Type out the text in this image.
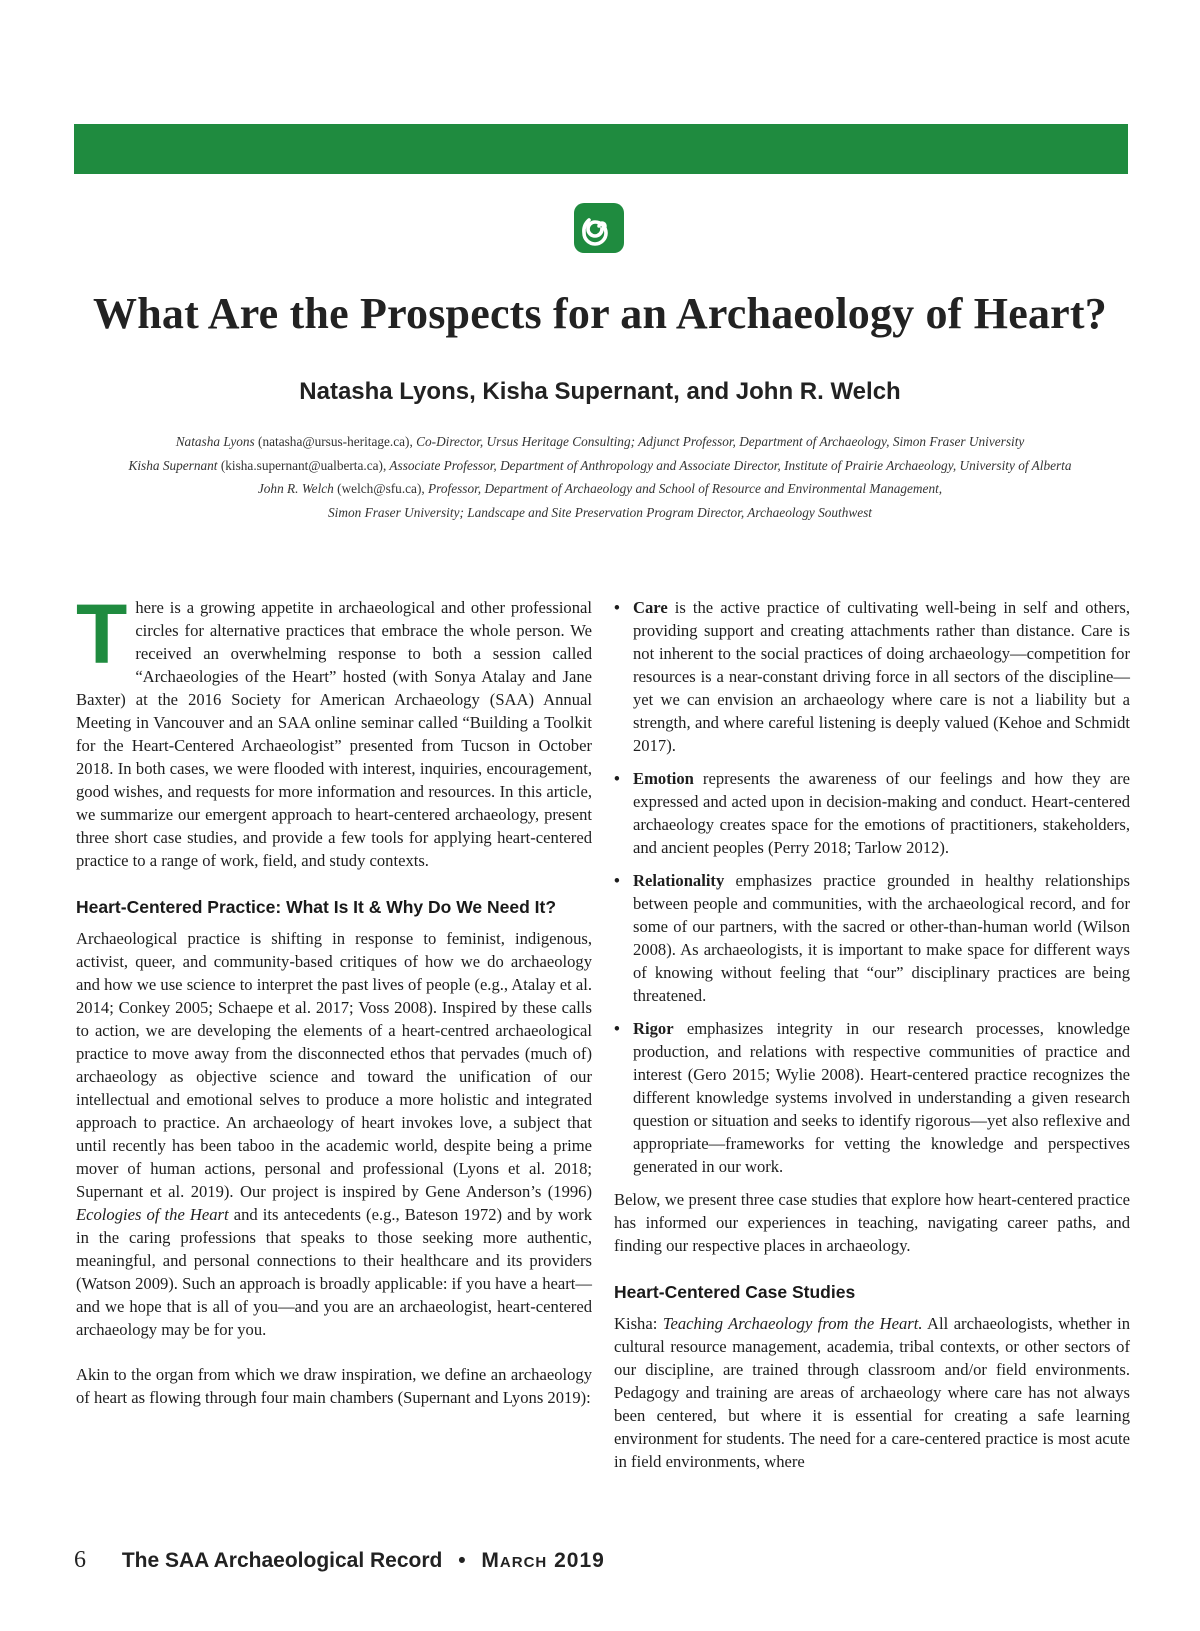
What Are the Prospects for an Archaeology of Heart?
Natasha Lyons, Kisha Supernant, and John R. Welch
Natasha Lyons (natasha@ursus-heritage.ca), Co-Director, Ursus Heritage Consulting; Adjunct Professor, Department of Archaeology, Simon Fraser University
Kisha Supernant (kisha.supernant@ualberta.ca), Associate Professor, Department of Anthropology and Associate Director, Institute of Prairie Archaeology, University of Alberta
John R. Welch (welch@sfu.ca), Professor, Department of Archaeology and School of Resource and Environmental Management,
Simon Fraser University; Landscape and Site Preservation Program Director, Archaeology Southwest

There is a growing appetite in archaeological and other professional circles for alternative practices that embrace the whole person. We received an overwhelming response to both a session called “Archaeologies of the Heart” hosted (with Sonya Atalay and Jane Baxter) at the 2016 Society for American Archaeology (SAA) Annual Meeting in Vancouver and an SAA online seminar called “Building a Toolkit for the Heart-Centered Archaeologist” presented from Tucson in October 2018. In both cases, we were flooded with interest, inquiries, encouragement, good wishes, and requests for more information and resources. In this article, we summarize our emergent approach to heart-centered archaeology, present three short case studies, and provide a few tools for applying heart-centered practice to a range of work, field, and study contexts.

Heart-Centered Practice: What Is It & Why Do We Need It?

Archaeological practice is shifting in response to feminist, indigenous, activist, queer, and community-based critiques of how we do archaeology and how we use science to interpret the past lives of people (e.g., Atalay et al. 2014; Conkey 2005; Schaepe et al. 2017; Voss 2008). Inspired by these calls to action, we are developing the elements of a heart-centred archaeological practice to move away from the disconnected ethos that pervades (much of) archaeology as objective science and toward the unification of our intellectual and emotional selves to produce a more holistic and integrated approach to practice. An archaeology of heart invokes love, a subject that until recently has been taboo in the academic world, despite being a prime mover of human actions, personal and professional (Lyons et al. 2018; Supernant et al. 2019). Our project is inspired by Gene Anderson’s (1996) Ecologies of the Heart and its antecedents (e.g., Bateson 1972) and by work in the caring professions that speaks to those seeking more authentic, meaningful, and personal connections to their healthcare and its providers (Watson 2009). Such an approach is broadly applicable: if you have a heart—and we hope that is all of you—and you are an archaeologist, heart-centered archaeology may be for you.

Akin to the organ from which we draw inspiration, we define an archaeology of heart as flowing through four main chambers (Supernant and Lyons 2019):

• Care is the active practice of cultivating well-being in self and others, providing support and creating attachments rather than distance. Care is not inherent to the social practices of doing archaeology—competition for resources is a near-constant driving force in all sectors of the discipline—yet we can envision an archaeology where care is not a liability but a strength, and where careful listening is deeply valued (Kehoe and Schmidt 2017).
• Emotion represents the awareness of our feelings and how they are expressed and acted upon in decision-making and conduct. Heart-centered archaeology creates space for the emotions of practitioners, stakeholders, and ancient peoples (Perry 2018; Tarlow 2012).
• Relationality emphasizes practice grounded in healthy relationships between people and communities, with the archaeological record, and for some of our partners, with the sacred or other-than-human world (Wilson 2008). As archaeologists, it is important to make space for different ways of knowing without feeling that “our” disciplinary practices are being threatened.
• Rigor emphasizes integrity in our research processes, knowledge production, and relations with respective communities of practice and interest (Gero 2015; Wylie 2008). Heart-centered practice recognizes the different knowledge systems involved in understanding a given research question or situation and seeks to identify rigorous—yet also reflexive and appropriate—frameworks for vetting the knowledge and perspectives generated in our work.

Below, we present three case studies that explore how heart-centered practice has informed our experiences in teaching, navigating career paths, and finding our respective places in archaeology.

Heart-Centered Case Studies

Kisha: Teaching Archaeology from the Heart. All archaeologists, whether in cultural resource management, academia, tribal contexts, or other sectors of our discipline, are trained through classroom and/or field environments. Pedagogy and training are areas of archaeology where care has not always been centered, but where it is essential for creating a safe learning environment for students. The need for a care-centered practice is most acute in field environments, where

6 The SAA Archaeological Record • March 2019
